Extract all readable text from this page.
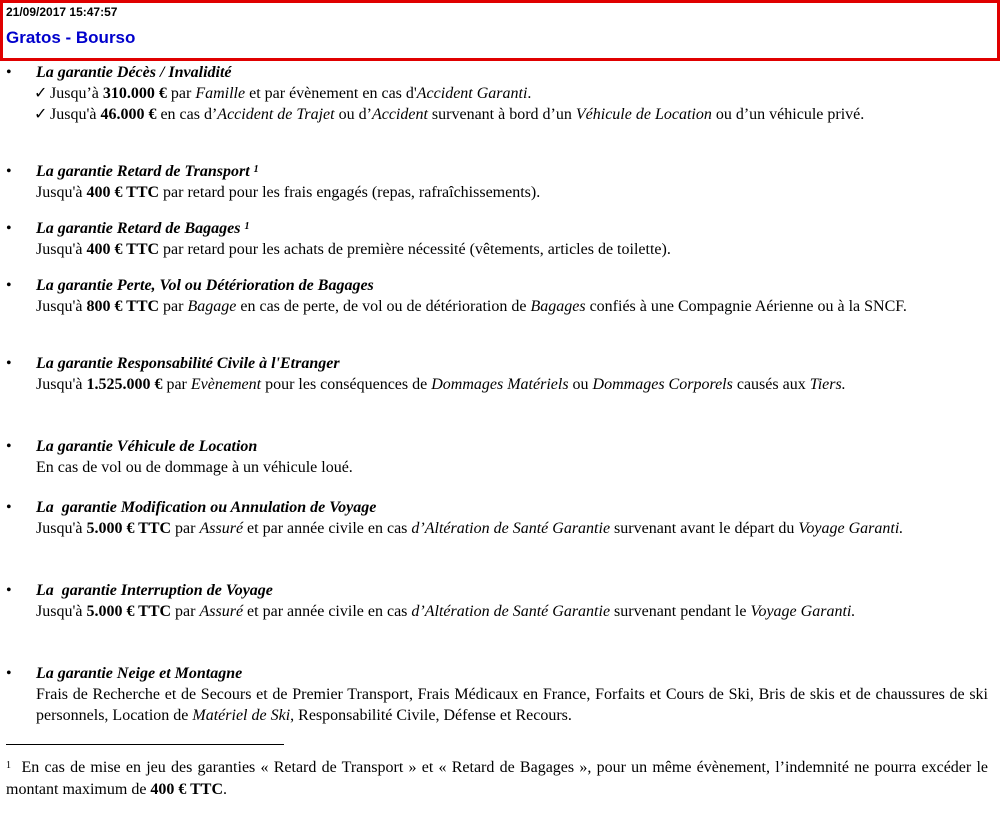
21/09/2017 15:47:57
Gratos - Bourso
• La garantie Décès / Invalidité
✓ Jusqu’à 310.000 € par Famille et par évènement en cas d'Accident Garanti.
✓ Jusqu'à 46.000 € en cas d’Accident de Trajet ou d’Accident survenant à bord d’un Véhicule de Location ou d’un véhicule privé.
• La garantie Retard de Transport $^1$
Jusqu'à 400 € TTC par retard pour les frais engagés (repas, rafraîchissements).
• La garantie Retard de Bagages $^1$
Jusqu'à 400 € TTC par retard pour les achats de première nécessité (vêtements, articles de toilette).
• La garantie Perte, Vol ou Détérioration de Bagages
Jusqu'à 800 € TTC par Bagage en cas de perte, de vol ou de détérioration de Bagages confiés à une Compagnie Aérienne ou à la SNCF.
• La garantie Responsabilité Civile à l'Etranger
Jusqu'à 1.525.000 € par Evènement pour les conséquences de Dommages Matériels ou Dommages Corporels causés aux Tiers.
• La garantie Véhicule de Location
En cas de vol ou de dommage à un véhicule loué.
• La  garantie Modification ou Annulation de Voyage
Jusqu'à 5.000 € TTC par Assuré et par année civile en cas d’Altération de Santé Garantie survenant avant le départ du Voyage Garanti.
• La  garantie Interruption de Voyage
Jusqu'à 5.000 € TTC par Assuré et par année civile en cas d’Altération de Santé Garantie survenant pendant le Voyage Garanti.
• La garantie Neige et Montagne
Frais de Recherche et de Secours et de Premier Transport, Frais Médicaux en France, Forfaits et Cours de Ski, Bris de skis et de chaussures de ski personnels, Location de Matériel de Ski, Responsabilité Civile, Défense et Recours.
$^1$  En cas de mise en jeu des garanties « Retard de Transport » et « Retard de Bagages », pour un même évènement, l’indemnité ne pourra excéder le montant maximum de 400 € TTC.
